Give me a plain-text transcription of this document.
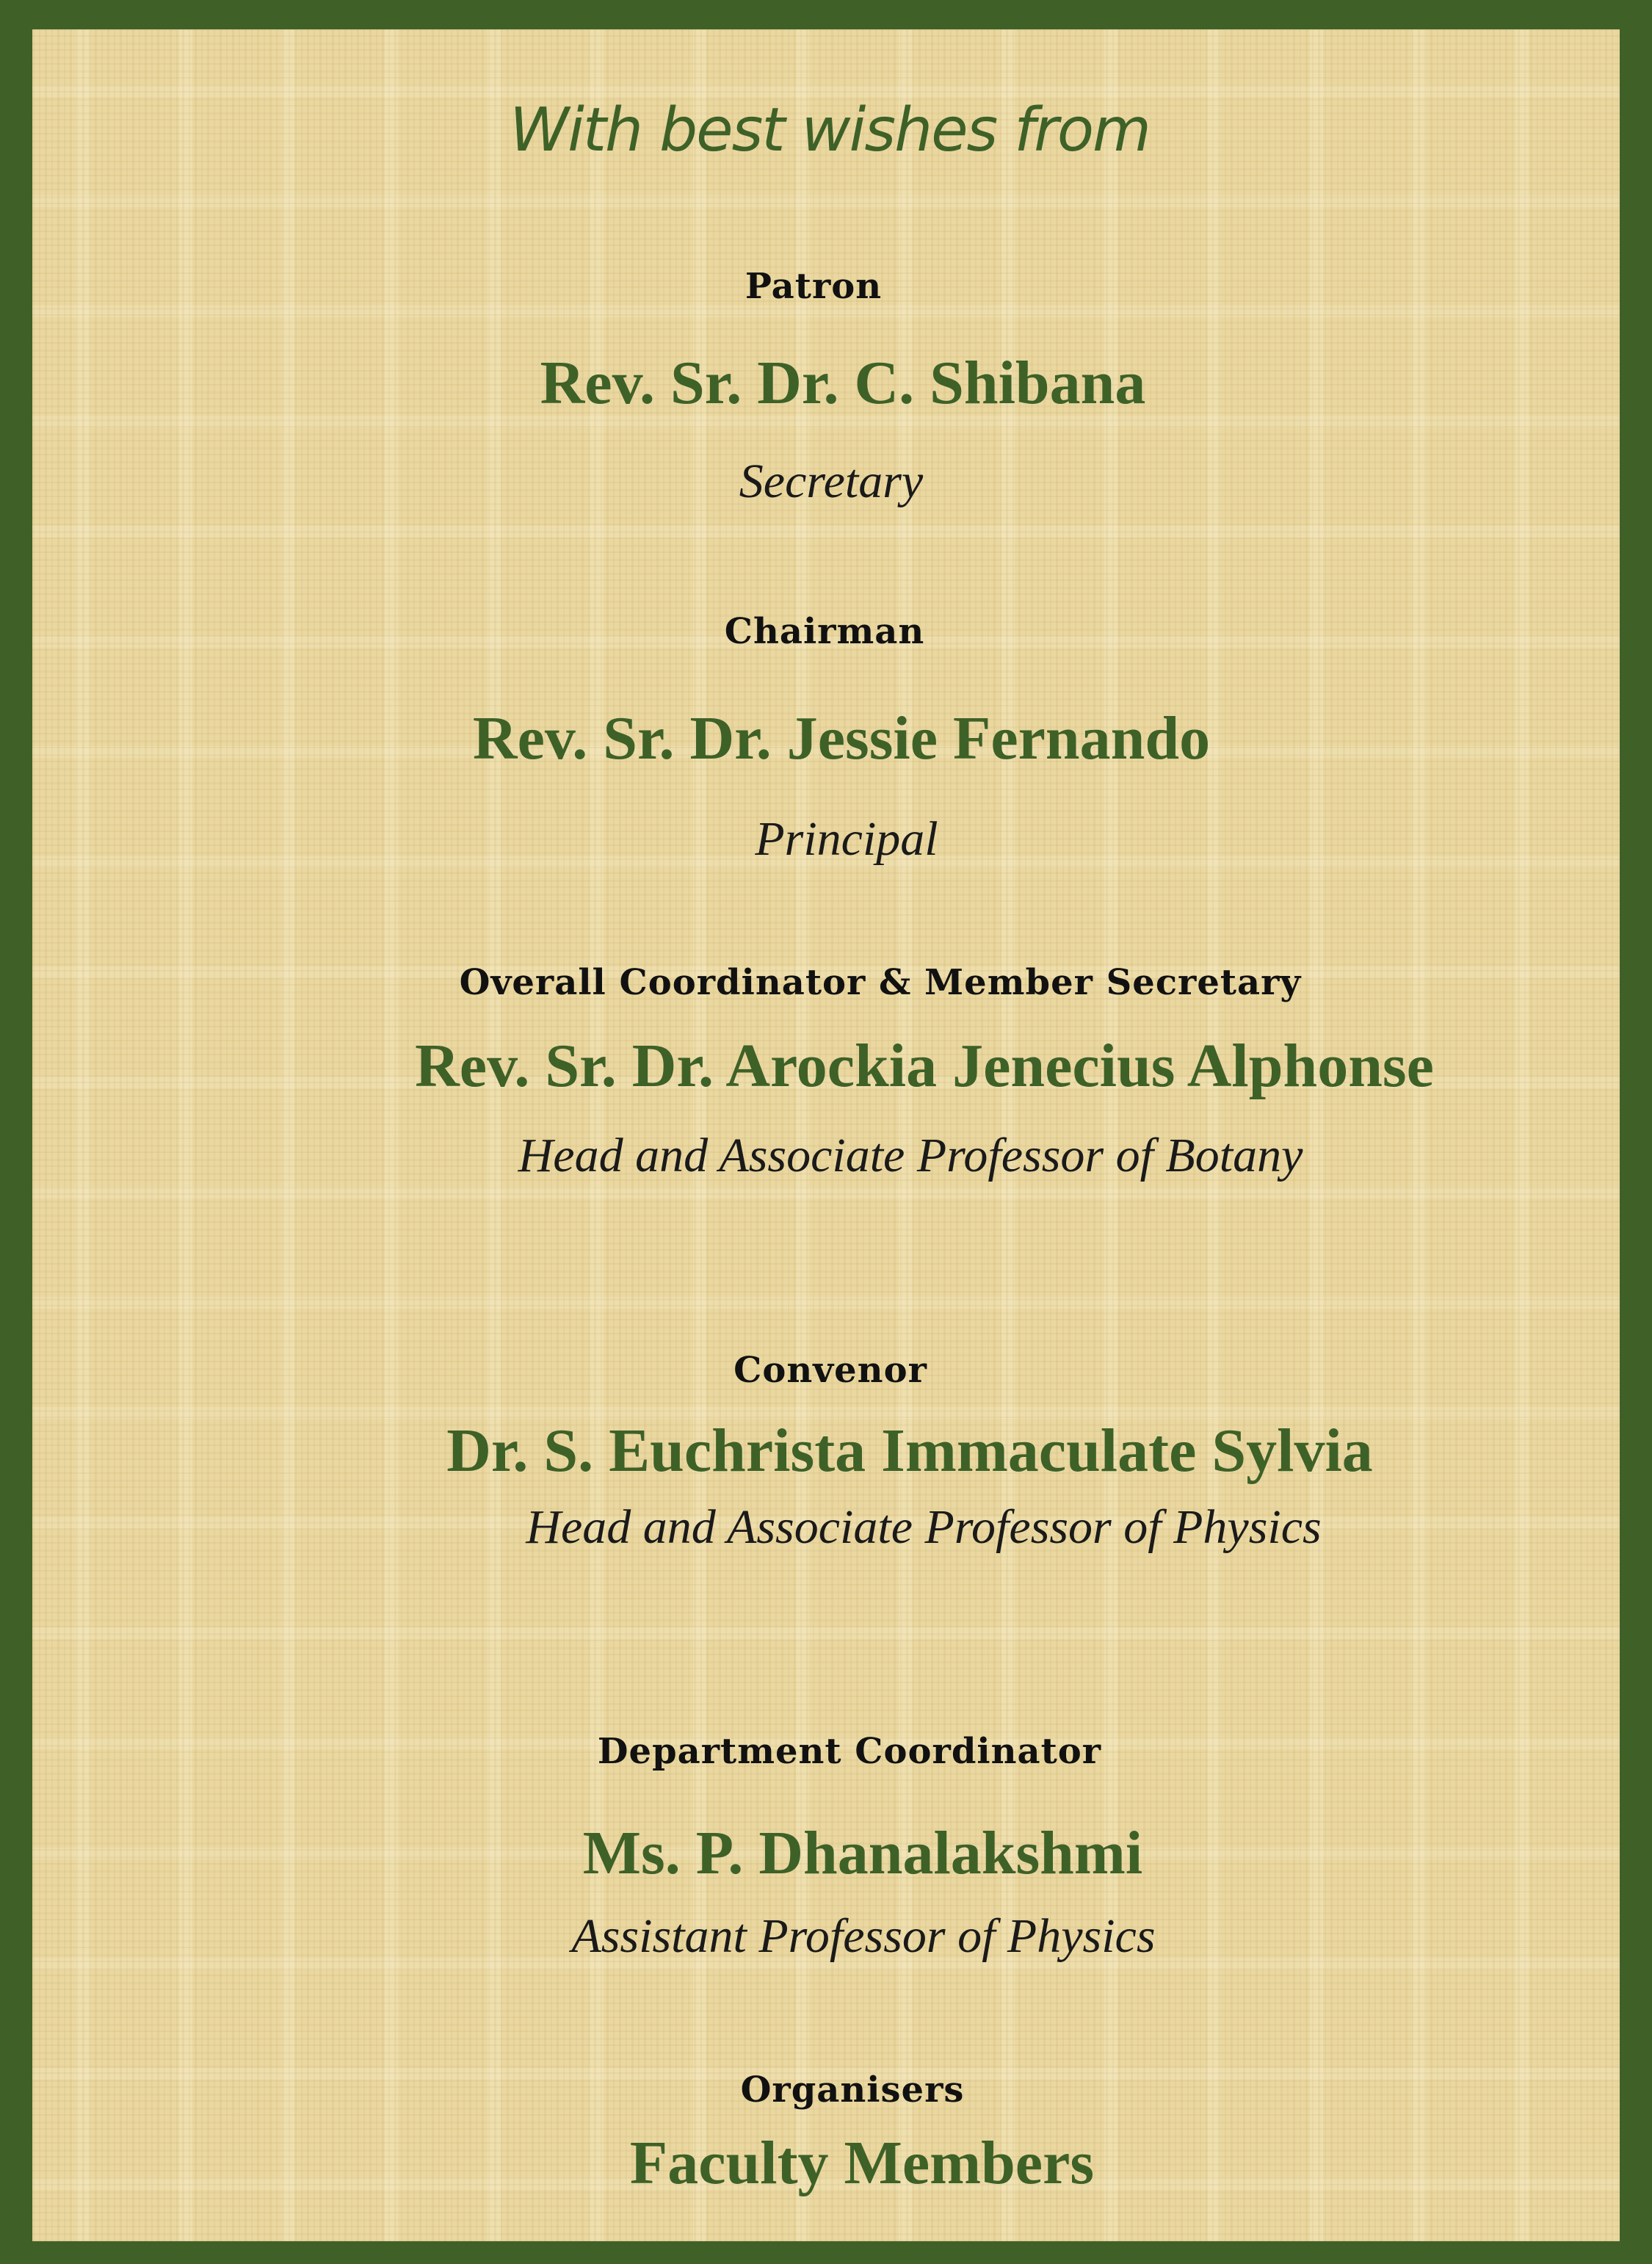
With best wishes from
Patron
Rev. Sr. Dr. C. Shibana
Secretary
Chairman
Rev. Sr. Dr. Jessie Fernando
Principal
Overall Coordinator & Member Secretary
Rev. Sr. Dr. Arockia Jenecius Alphonse
Head and Associate Professor of Botany
Convenor
Dr. S. Euchrista Immaculate Sylvia
Head and Associate Professor of Physics
Department Coordinator
Ms. P. Dhanalakshmi
Assistant Professor of Physics
Organisers
Faculty Members
